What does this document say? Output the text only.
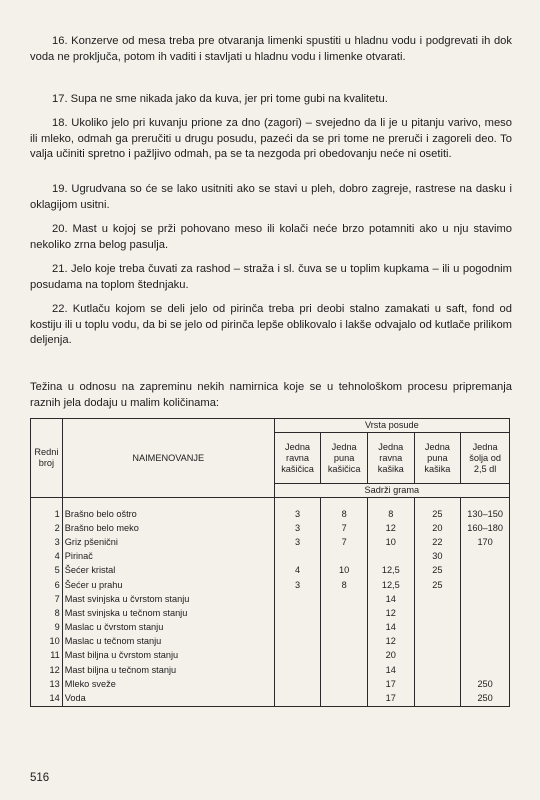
16. Konzerve od mesa treba pre otvaranja limenki spustiti u hladnu vodu i podgrevati ih dok voda ne proključa, potom ih vaditi i stavljati u hladnu vodu i limenke otvarati.

17. Supa ne sme nikada jako da kuva, jer pri tome gubi na kvalitetu.

18. Ukoliko jelo pri kuvanju prione za dno (zagori) – svejedno da li je u pitanju varivo, meso ili mleko, odmah ga preručiti u drugu posudu, pazeći da se pri tome ne preruči i zagoreli deo. To valja učiniti spretno i pažljivo odmah, pa se ta nezgoda pri obedovanju neće ni osetiti.

19. Ugrudvana so će se lako usitniti ako se stavi u pleh, dobro zagreje, rastrese na dasku i oklagijom usitni.

20. Mast u kojoj se prži pohovano meso ili kolači neće brzo potamniti ako u nju stavimo nekoliko zrna belog pasulja.

21. Jelo koje treba čuvati za rashod – straža i sl. čuva se u toplim kupkama – ili u pogodnim posudama na toplom štednjaku.

22. Kutlaču kojom se deli jelo od pirinča treba pri deobi stalno zamakati u saft, fond od kostiju ili u toplu vodu, da bi se jelo od pirinča lepše oblikovalo i lakše odvajalo od kutlače prilikom deljenja.

Težina u odnosu na zapreminu nekih namirnica koje se u tehnološkom procesu pripremanja raznih jela dodaju u malim količinama:

Redni broj	NAIMENOVANJE	Vrsta posude				
		Jedna ravna kašičica	Jedna puna kašičica	Jedna ravna kašika	Jedna puna kašika	Jedna šolja od 2,5 dl
		Sadrži grama				

1	Brašno belo oštro	3	8	8	25	130–150
2	Brašno belo meko	3	7	12	20	160–180
3	Griz pšenični	3	7	10	22	170
4	Pirinač				30	
5	Šećer kristal	4	10	12,5	25	
6	Šećer u prahu	3	8	12,5	25	
7	Mast svinjska u čvrstom stanju			14		
8	Mast svinjska u tečnom stanju			12		
9	Maslac u čvrstom stanju			14		
10	Maslac u tečnom stanju			12		
11	Mast biljna u čvrstom stanju			20		
12	Mast biljna u tečnom stanju			14		
13	Mleko sveže			17		250
14	Voda			17		250
516
